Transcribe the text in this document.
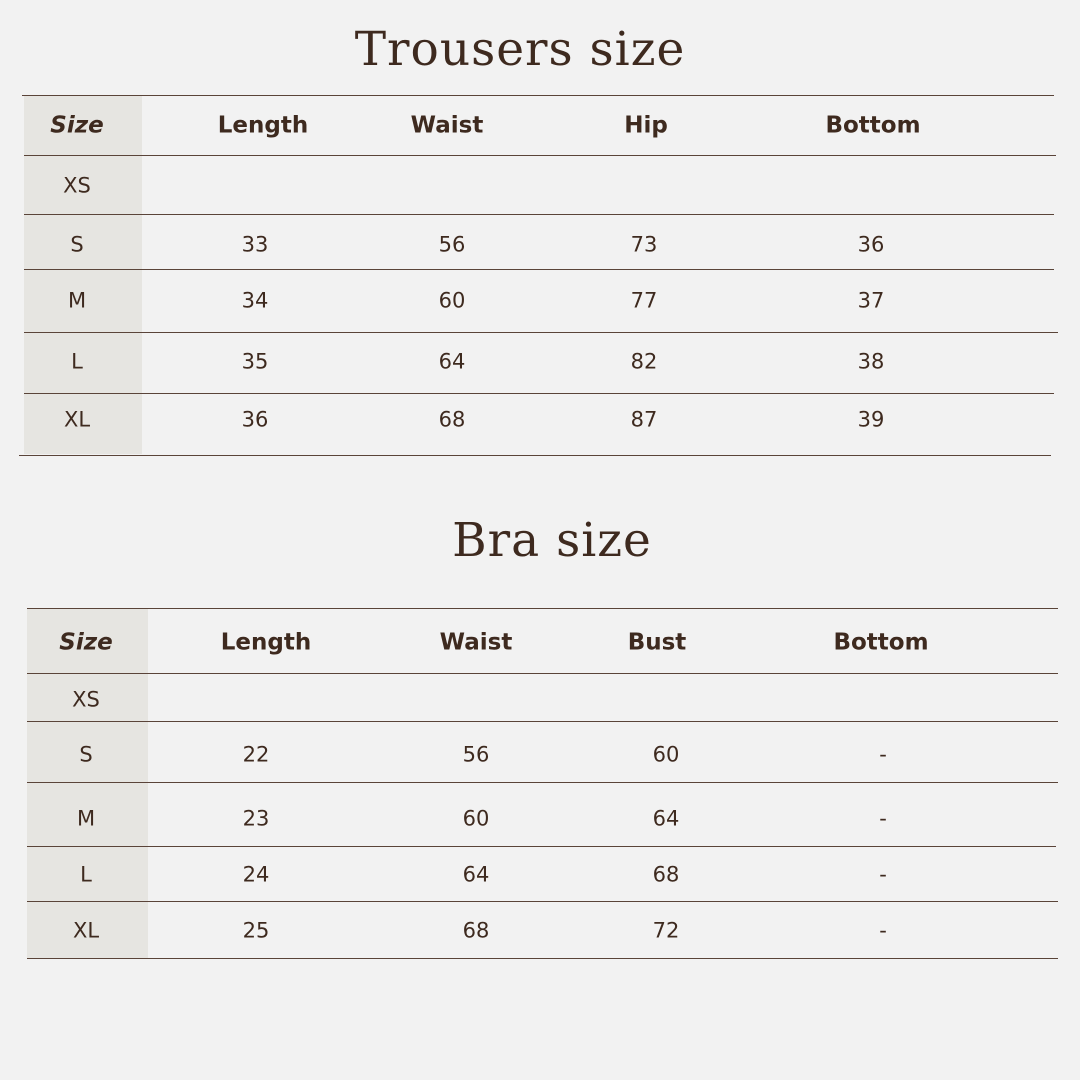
Trousers size
Bra size
Size	Length	Waist	Hip	Bottom
XS
S	33	56	73	36
M	34	60	77	37
L	35	64	82	38
XL	36	68	87	39
Size	Length	Waist	Bust	Bottom
XS
S	22	56	60	-
M	23	60	64	-
L	24	64	68	-
XL	25	68	72	-
